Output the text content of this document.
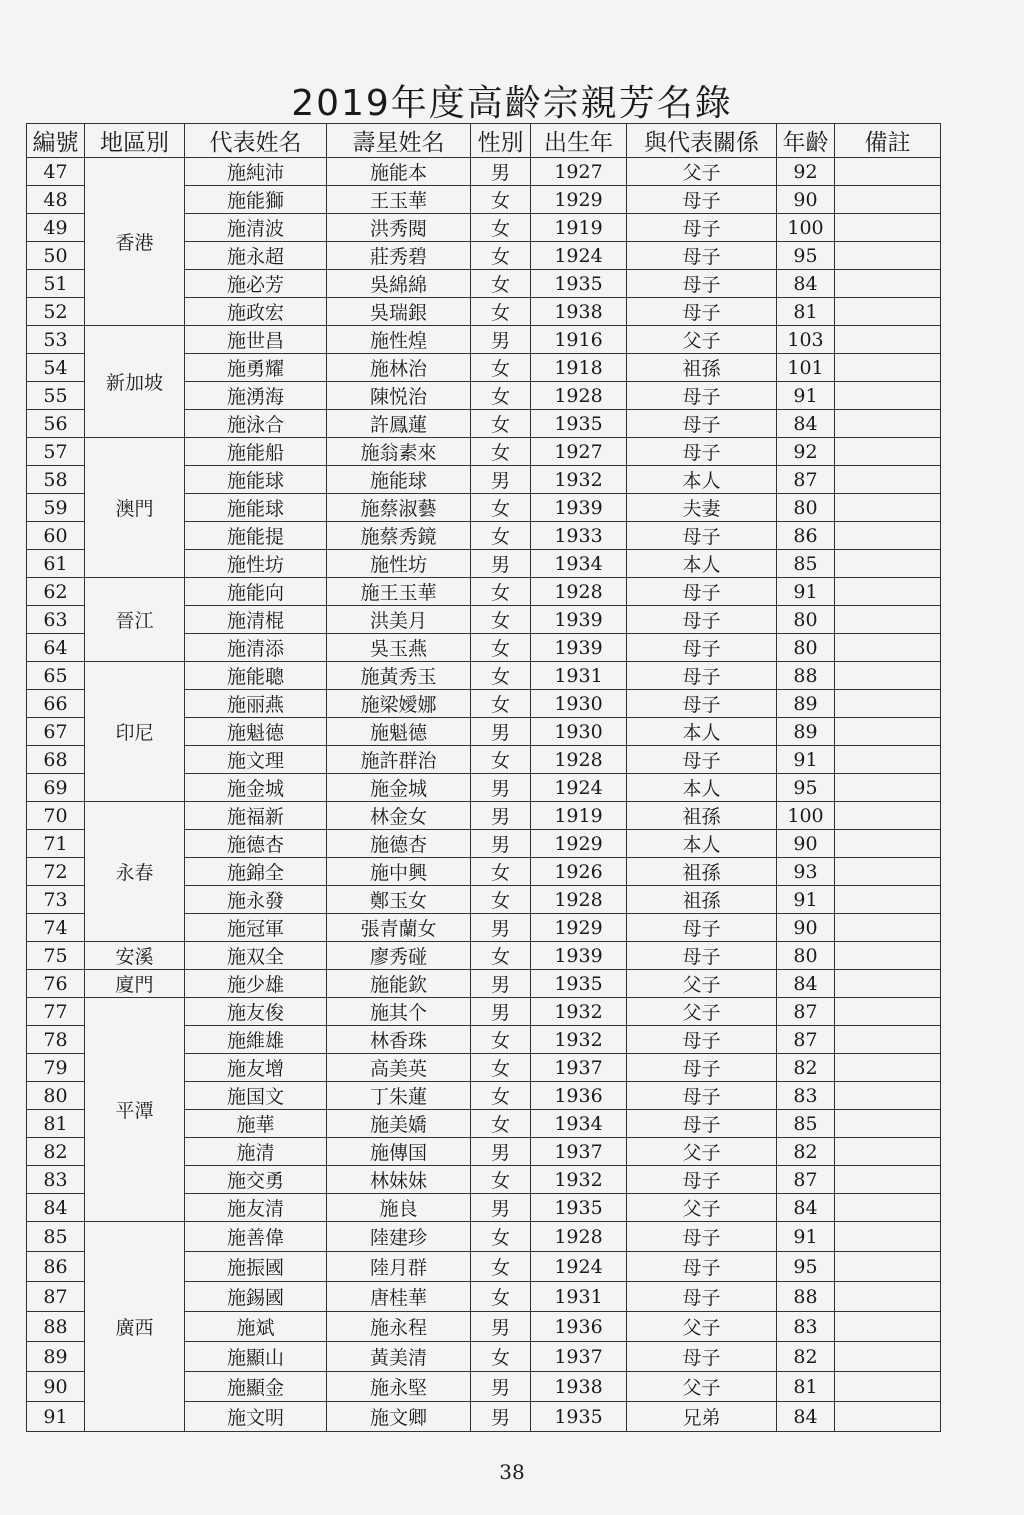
2019年度高齡宗親芳名錄
編號	地區別	代表姓名	壽星姓名	性別	出生年	與代表關係	年齡	備註
47	香港	施純沛	施能本	男	1927	父子	92	
48		施能獅	王玉華	女	1929	母子	90	
49		施清波	洪秀閱	女	1919	母子	100	
50		施永超	莊秀碧	女	1924	母子	95	
51		施必芳	吳綿綿	女	1935	母子	84	
52		施政宏	吳瑞銀	女	1938	母子	81	
53	新加坡	施世昌	施性煌	男	1916	父子	103	
54		施勇耀	施林治	女	1918	祖孫	101	
55		施湧海	陳悦治	女	1928	母子	91	
56		施泳合	許鳳蓮	女	1935	母子	84	
57	澳門	施能船	施翁素來	女	1927	母子	92	
58		施能球	施能球	男	1932	本人	87	
59		施能球	施蔡淑藝	女	1939	夫妻	80	
60		施能提	施蔡秀鏡	女	1933	母子	86	
61		施性坊	施性坊	男	1934	本人	85	
62	晉江	施能向	施王玉華	女	1928	母子	91	
63		施清棍	洪美月	女	1939	母子	80	
64		施清添	吳玉燕	女	1939	母子	80	
65	印尼	施能聰	施黃秀玉	女	1931	母子	88	
66		施丽燕	施梁嬡娜	女	1930	母子	89	
67		施魁德	施魁德	男	1930	本人	89	
68		施文理	施許群治	女	1928	母子	91	
69		施金城	施金城	男	1924	本人	95	
70	永春	施福新	林金女	男	1919	祖孫	100	
71		施德杏	施德杏	男	1929	本人	90	
72		施錦全	施中興	女	1926	祖孫	93	
73		施永發	鄭玉女	女	1928	祖孫	91	
74		施冠軍	張青蘭女	男	1929	母子	90	
75	安溪	施双全	廖秀碰	女	1939	母子	80	
76	廈門	施少雄	施能欽	男	1935	父子	84	
77	平潭	施友俊	施其个	男	1932	父子	87	
78		施維雄	林香珠	女	1932	母子	87	
79		施友增	高美英	女	1937	母子	82	
80		施国文	丁朱蓮	女	1936	母子	83	
81		施華	施美嬌	女	1934	母子	85	
82		施清	施傳国	男	1937	父子	82	
83		施交勇	林妹妹	女	1932	母子	87	
84		施友清	施良	男	1935	父子	84	
85	廣西	施善偉	陸建珍	女	1928	母子	91	
86		施振國	陸月群	女	1924	母子	95	
87		施錫國	唐桂華	女	1931	母子	88	
88		施斌	施永程	男	1936	父子	83	
89		施顯山	黃美清	女	1937	母子	82	
90		施顯金	施永堅	男	1938	父子	81	
91		施文明	施文卿	男	1935	兄弟	84	
38
